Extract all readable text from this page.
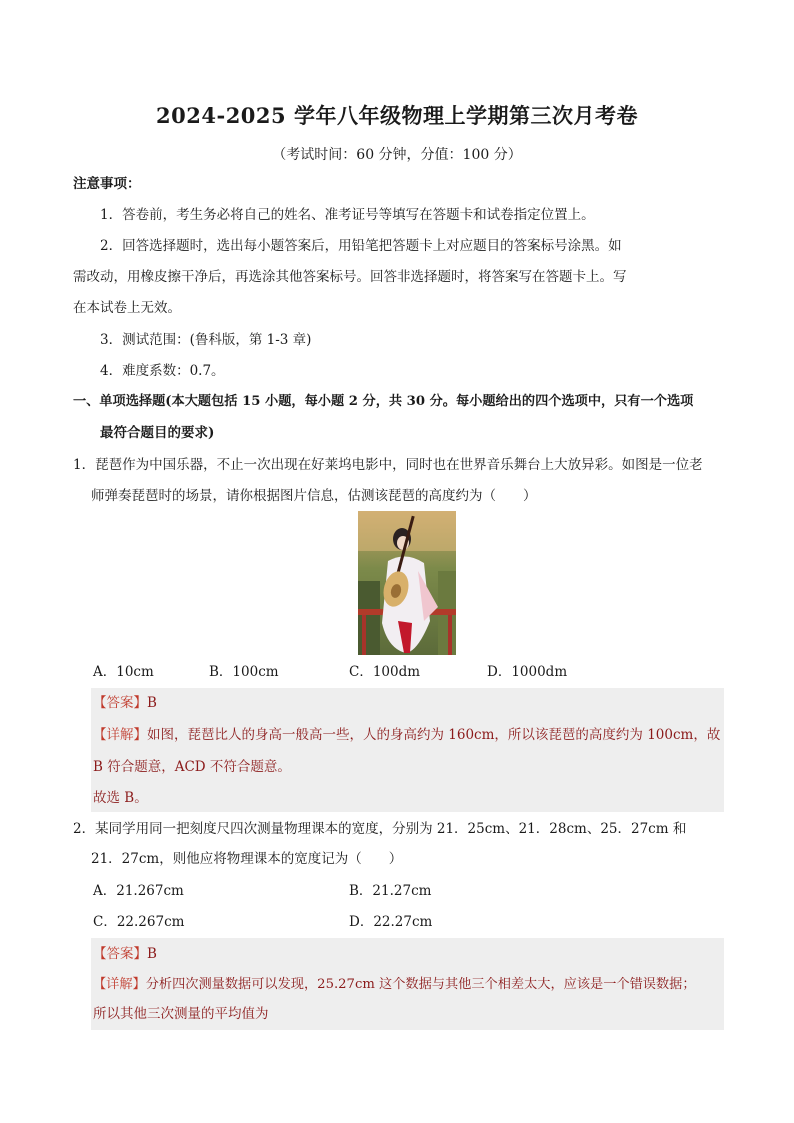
2024-2025 学年八年级物理上学期第三次月考卷
（考试时间：60 分钟，分值：100 分）
注意事项：
1．答卷前，考生务必将自己的姓名、准考证号等填写在答题卡和试卷指定位置上。
2．回答选择题时，选出每小题答案后，用铅笔把答题卡上对应题目的答案标号涂黑。如
需改动，用橡皮擦干净后，再选涂其他答案标号。回答非选择题时，将答案写在答题卡上。写
在本试卷上无效。
3．测试范围：(鲁科版，第 1-3 章)
4．难度系数：0.7。
一、单项选择题(本大题包括 15 小题，每小题 2 分，共 30 分。每小题给出的四个选项中，只有一个选项
最符合题目的要求)
1．琵琶作为中国乐器，不止一次出现在好莱坞电影中，同时也在世界音乐舞台上大放异彩。如图是一位老
师弹奏琵琶时的场景，请你根据图片信息，估测该琵琶的高度约为（　　）
A．10cm	B．100cm	C．100dm	D．1000dm
【答案】B
【详解】如图，琵琶比人的身高一般高一些，人的身高约为 160cm，所以该琵琶的高度约为 100cm，故
B 符合题意，ACD 不符合题意。
故选 B。
2．某同学用同一把刻度尺四次测量物理课本的宽度，分别为 21．25cm、21．28cm、25．27cm 和
21．27cm，则他应将物理课本的宽度记为（　　）
A．21.267cm	B．21.27cm
C．22.267cm	D．22.27cm
【答案】B
【详解】分析四次测量数据可以发现，25.27cm 这个数据与其他三个相差太大，应该是一个错误数据；
所以其他三次测量的平均值为
